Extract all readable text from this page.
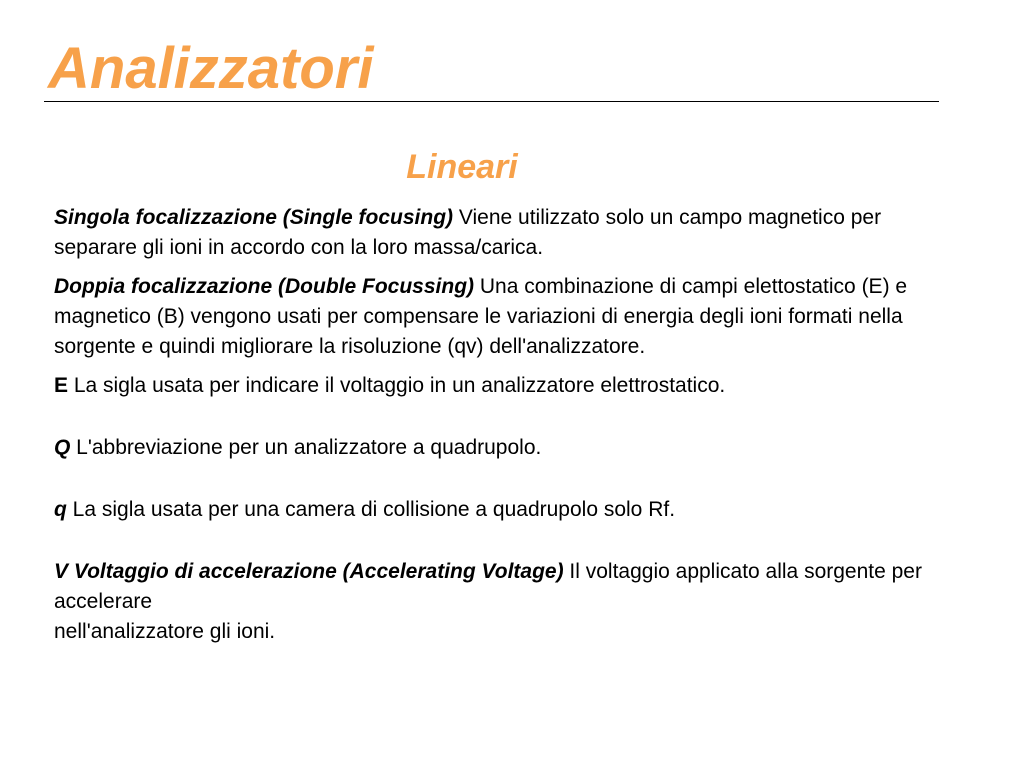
Analizzatori
Lineari

Singola focalizzazione (Single focusing) Viene utilizzato solo un campo magnetico per separare gli ioni in accordo con la loro massa/carica.

Doppia focalizzazione (Double Focussing) Una combinazione di campi elettostatico (E) e magnetico (B) vengono usati per compensare le variazioni di energia degli ioni formati nella sorgente e quindi migliorare la risoluzione (qv) dell'analizzatore.

E La sigla usata per indicare il voltaggio in un analizzatore elettrostatico.

Q L'abbreviazione per un analizzatore a quadrupolo.

q La sigla usata per una camera di collisione a quadrupolo solo Rf.

V Voltaggio di accelerazione (Accelerating Voltage) Il voltaggio applicato alla sorgente per accelerare
nell'analizzatore gli ioni.
